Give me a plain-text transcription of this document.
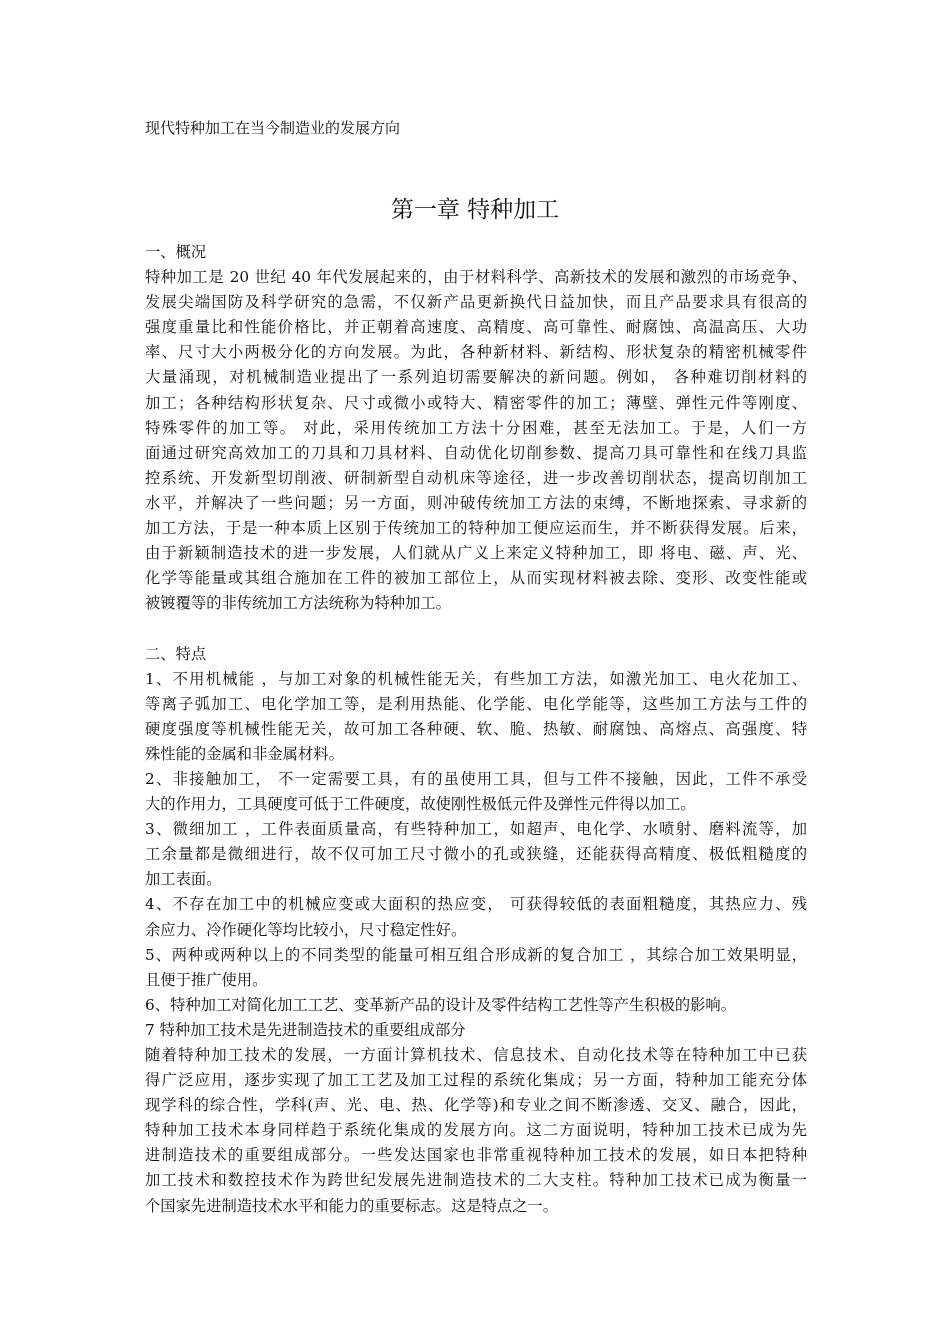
现代特种加工在当今制造业的发展方向
第一章 特种加工
一、概况
特种加工是 20 世纪 40 年代发展起来的，由于材料科学、高新技术的发展和激烈的市场竞争、
发展尖端国防及科学研究的急需，不仅新产品更新换代日益加快，而且产品要求具有很高的
强度重量比和性能价格比，并正朝着高速度、高精度、高可靠性、耐腐蚀、高温高压、大功
率、尺寸大小两极分化的方向发展。为此，各种新材料、新结构、形状复杂的精密机械零件
大量涌现，对机械制造业提出了一系列迫切需要解决的新问题。例如， 各种难切削材料的
加工；各种结构形状复杂、尺寸或微小或特大、精密零件的加工；薄壁、弹性元件等刚度、
特殊零件的加工等。 对此，采用传统加工方法十分困难，甚至无法加工。于是，人们一方
面通过研究高效加工的刀具和刀具材料、自动优化切削参数、提高刀具可靠性和在线刀具监
控系统、开发新型切削液、研制新型自动机床等途径，进一步改善切削状态，提高切削加工
水平，并解决了一些问题；另一方面，则冲破传统加工方法的束缚，不断地探索、寻求新的
加工方法，于是一种本质上区别于传统加工的特种加工便应运而生，并不断获得发展。后来，
由于新颖制造技术的进一步发展，人们就从广义上来定义特种加工，即 将电、磁、声、光、
化学等能量或其组合施加在工件的被加工部位上，从而实现材料被去除、变形、改变性能或
被镀覆等的非传统加工方法统称为特种加工。
二、特点
1、不用机械能 ，与加工对象的机械性能无关，有些加工方法，如激光加工、电火花加工、
等离子弧加工、电化学加工等，是利用热能、化学能、电化学能等，这些加工方法与工件的
硬度强度等机械性能无关，故可加工各种硬、软、脆、热敏、耐腐蚀、高熔点、高强度、特
殊性能的金属和非金属材料。
2、非接触加工， 不一定需要工具，有的虽使用工具，但与工件不接触，因此，工件不承受
大的作用力，工具硬度可低于工件硬度，故使刚性极低元件及弹性元件得以加工。
3、微细加工 ，工件表面质量高，有些特种加工，如超声、电化学、水喷射、磨料流等，加
工余量都是微细进行，故不仅可加工尺寸微小的孔或狭缝，还能获得高精度、极低粗糙度的
加工表面。
4、不存在加工中的机械应变或大面积的热应变， 可获得较低的表面粗糙度，其热应力、残
余应力、冷作硬化等均比较小，尺寸稳定性好。
5、两种或两种以上的不同类型的能量可相互组合形成新的复合加工 ，其综合加工效果明显，
且便于推广使用。
6、特种加工对简化加工工艺、变革新产品的设计及零件结构工艺性等产生积极的影响。
7 特种加工技术是先进制造技术的重要组成部分
随着特种加工技术的发展，一方面计算机技术、信息技术、自动化技术等在特种加工中已获
得广泛应用，逐步实现了加工工艺及加工过程的系统化集成；另一方面，特种加工能充分体
现学科的综合性，学科(声、光、电、热、化学等)和专业之间不断渗透、交叉、融合，因此，
特种加工技术本身同样趋于系统化集成的发展方向。这二方面说明，特种加工技术已成为先
进制造技术的重要组成部分。一些发达国家也非常重视特种加工技术的发展，如日本把特种
加工技术和数控技术作为跨世纪发展先进制造技术的二大支柱。特种加工技术已成为衡量一
个国家先进制造技术水平和能力的重要标志。这是特点之一。
